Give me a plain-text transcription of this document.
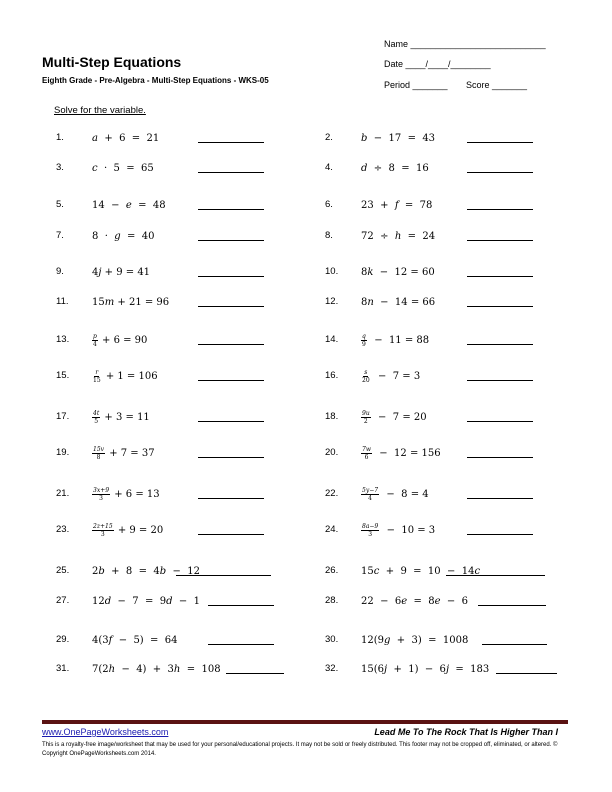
Multi-Step Equations
Eighth Grade - Pre-Algebra - Multi-Step Equations - WKS-05
Name ___________________________
Date ____/____/________
Period _______ Score _______
Solve for the variable.
1.	a +  6  =  21	2.	b −  17  =  43
3.	c ·  5  =  65	4.	d ÷  8  =  16
5.	14  − e =  48	6.	23  + f =  78
7.	8  · g =  40	8.	72  ÷ h =  24
9.	4 j + 9 = 41	10. 8 k −  12 = 60
11. 15 m + 21 = 96	12. 8 n −  14 = 66
13.	$\frac{p}{4} + 6 = 90$	14.	$\frac{q}{9} - 11 = 88$
15.	$\frac{r}{15} + 1 = 106$	16.	$\frac{s}{20} - 7 = 3$
17.	$\frac{4t}{5} + 3 = 11$	18.	$\frac{9u}{2} - 7 = 20$
19.	$\frac{15v}{8} + 7 = 37$	20.	$\frac{7w}{6} - 12 = 156$
21.	$\frac{3x+9}{3} + 6 = 13$	22.	$\frac{5y-7}{4} - 8 = 4$
23.	$\frac{2z+15}{3} + 9 = 20$	24.	$\frac{8a-9}{3} - 10 = 3$
25. 2 b +  8  =  4 b −  12	26. 15 c +  9  =  10  −  14 c
27. 12 d −  7  =  9 d −  1	28. 22  −  6 e =  8 e −  6
29. 4(3 f −  5)  =  64	30. 12(9 g +  3)  =  1008
31. 7(2 h −  4)  +  3 h =  108	32. 15(6 j +  1)  −  6 j =  183
www.OnePageWorksheets.com	Lead Me To The Rock That Is Higher Than I
This is a royalty-free image/worksheet that may be used for your personal/educational projects. It may not be sold or freely distributed. This footer may not be cropped off, eliminated, or altered. © Copyright OnePageWorksheets.com 2014.
